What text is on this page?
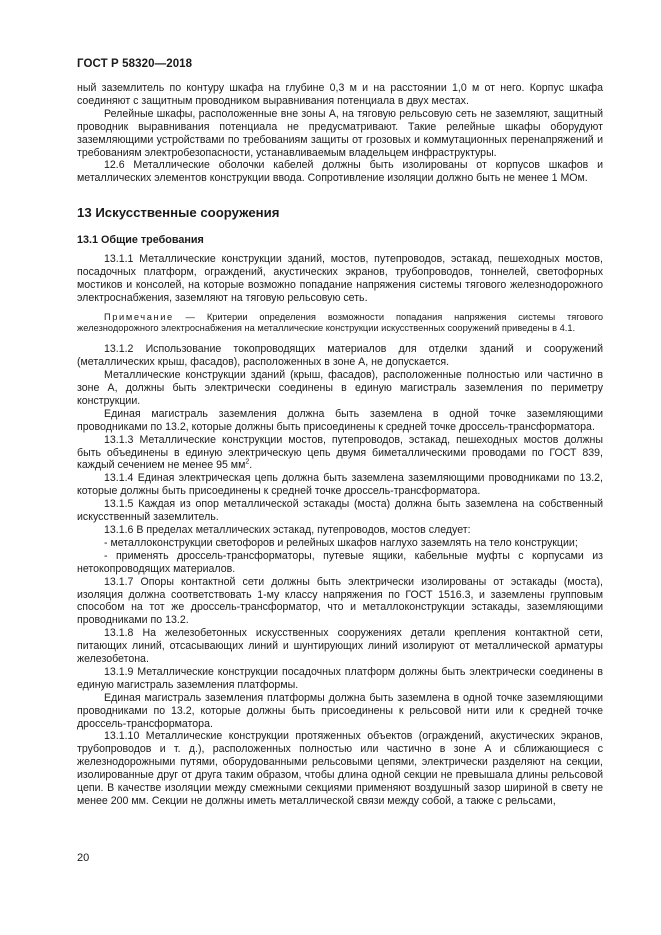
ГОСТ Р 58320—2018

ный заземлитель по контуру шкафа на глубине 0,3 м и на расстоянии 1,0 м от него. Корпус шкафа соединяют с защитным проводником выравнивания потенциала в двух местах.

Релейные шкафы, расположенные вне зоны А, на тяговую рельсовую сеть не заземляют, защитный проводник выравнивания потенциала не предусматривают. Такие релейные шкафы оборудуют заземляющими устройствами по требованиям защиты от грозовых и коммутационных перенапряжений и требованиям электробезопасности, устанавливаемым владельцем инфраструктуры.

12.6 Металлические оболочки кабелей должны быть изолированы от корпусов шкафов и металлических элементов конструкции ввода. Сопротивление изоляции должно быть не менее 1 МОм.

13 Искусственные сооружения

13.1 Общие требования

13.1.1 Металлические конструкции зданий, мостов, путепроводов, эстакад, пешеходных мостов, посадочных платформ, ограждений, акустических экранов, трубопроводов, тоннелей, светофорных мостиков и консолей, на которые возможно попадание напряжения системы тягового железнодорожного электроснабжения, заземляют на тяговую рельсовую сеть.

Примечание — Критерии определения возможности попадания напряжения системы тягового железнодорожного электроснабжения на металлические конструкции искусственных сооружений приведены в 4.1.

13.1.2 Использование токопроводящих материалов для отделки зданий и сооружений (металлических крыш, фасадов), расположенных в зоне А, не допускается.

Металлические конструкции зданий (крыш, фасадов), расположенные полностью или частично в зоне А, должны быть электрически соединены в единую магистраль заземления по периметру конструкции.

Единая магистраль заземления должна быть заземлена в одной точке заземляющими проводниками по 13.2, которые должны быть присоединены к средней точке дроссель-трансформатора.

13.1.3 Металлические конструкции мостов, путепроводов, эстакад, пешеходных мостов должны быть объединены в единую электрическую цепь двумя биметаллическими проводами по ГОСТ 839, каждый сечением не менее 95 $мм^2$.

13.1.4 Единая электрическая цепь должна быть заземлена заземляющими проводниками по 13.2, которые должны быть присоединены к средней точке дроссель-трансформатора.

13.1.5 Каждая из опор металлической эстакады (моста) должна быть заземлена на собственный искусственный заземлитель.

13.1.6 В пределах металлических эстакад, путепроводов, мостов следует:

- металлоконструкции светофоров и релейных шкафов наглухо заземлять на тело конструкции;

- применять дроссель-трансформаторы, путевые ящики, кабельные муфты с корпусами из нетокопроводящих материалов.

13.1.7 Опоры контактной сети должны быть электрически изолированы от эстакады (моста), изоляция должна соответствовать 1-му классу напряжения по ГОСТ 1516.3, и заземлены групповым способом на тот же дроссель-трансформатор, что и металлоконструкции эстакады, заземляющими проводниками по 13.2.

13.1.8 На железобетонных искусственных сооружениях детали крепления контактной сети, питающих линий, отсасывающих линий и шунтирующих линий изолируют от металлической арматуры железобетона.

13.1.9 Металлические конструкции посадочных платформ должны быть электрически соединены в единую магистраль заземления платформы.

Единая магистраль заземления платформы должна быть заземлена в одной точке заземляющими проводниками по 13.2, которые должны быть присоединены к рельсовой нити или к средней точке дроссель-трансформатора.

13.1.10 Металлические конструкции протяженных объектов (ограждений, акустических экранов, трубопроводов и т. д.), расположенных полностью или частично в зоне А и сближающиеся с железнодорожными путями, оборудованными рельсовыми цепями, электрически разделяют на секции, изолированные друг от друга таким образом, чтобы длина одной секции не превышала длины рельсовой цепи. В качестве изоляции между смежными секциями применяют воздушный зазор шириной в свету не менее 200 мм. Секции не должны иметь металлической связи между собой, а также с рельсами,

20
